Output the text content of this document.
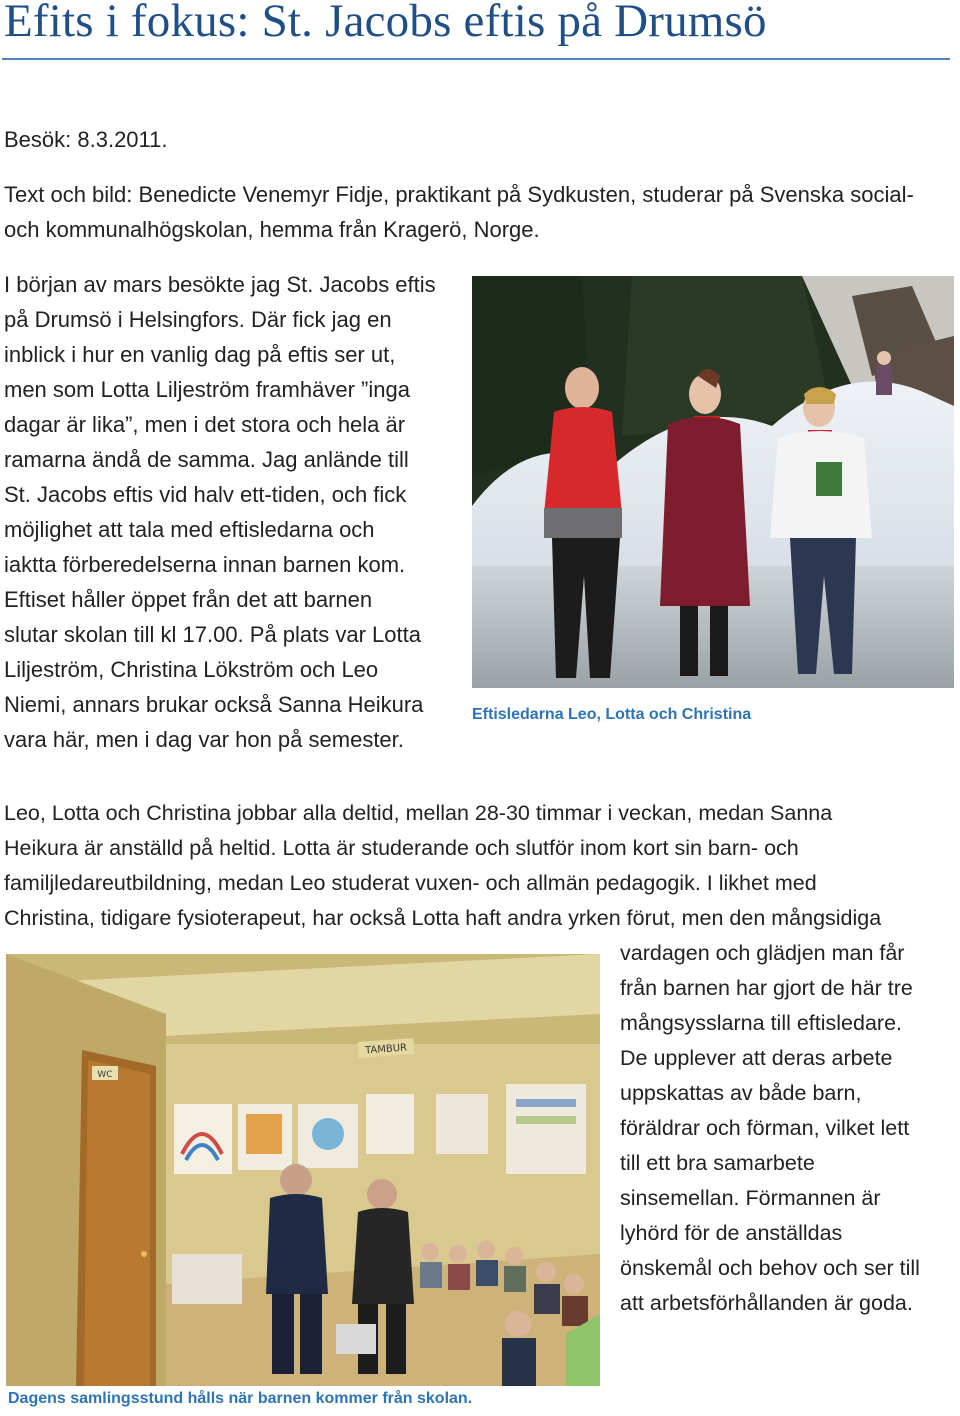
Efits i fokus: St. Jacobs eftis på Drumsö
Besök: 8.3.2011.
Text och bild: Benedicte Venemyr Fidje, praktikant på Sydkusten, studerar på Svenska social-
och kommunalhögskolan, hemma från Kragerö, Norge.
I början av mars besökte jag St. Jacobs eftis
på Drumsö i Helsingfors. Där fick jag en
inblick i hur en vanlig dag på eftis ser ut,
men som Lotta Liljeström framhäver ”inga
dagar är lika”, men i det stora och hela är
ramarna ändå de samma. Jag anlände till
St. Jacobs eftis vid halv ett-tiden, och fick
möjlighet att tala med eftisledarna och
iaktta förberedelserna innan barnen kom.
Eftiset håller öppet från det att barnen
slutar skolan till kl 17.00. På plats var Lotta
Liljeström, Christina Lökström och Leo
Niemi, annars brukar också Sanna Heikura
vara här, men i dag var hon på semester.
Eftisledarna Leo, Lotta och Christina
Leo, Lotta och Christina jobbar alla deltid, mellan 28-30 timmar i veckan, medan Sanna
Heikura är anställd på heltid. Lotta är studerande och slutför inom kort sin barn- och
familjledareutbildning, medan Leo studerat vuxen- och allmän pedagogik. I likhet med
Christina, tidigare fysioterapeut, har också Lotta haft andra yrken förut, men den mångsidiga
vardagen och glädjen man får
från barnen har gjort de här tre
mångsysslarna till eftisledare.
De upplever att deras arbete
uppskattas av både barn,
föräldrar och förman, vilket lett
till ett bra samarbete
sinsemellan. Förmannen är
lyhörd för de anställdas
önskemål och behov och ser till
att arbetsförhållanden är goda.
WC
TAMBUR
Dagens samlingsstund hålls när barnen kommer från skolan.
